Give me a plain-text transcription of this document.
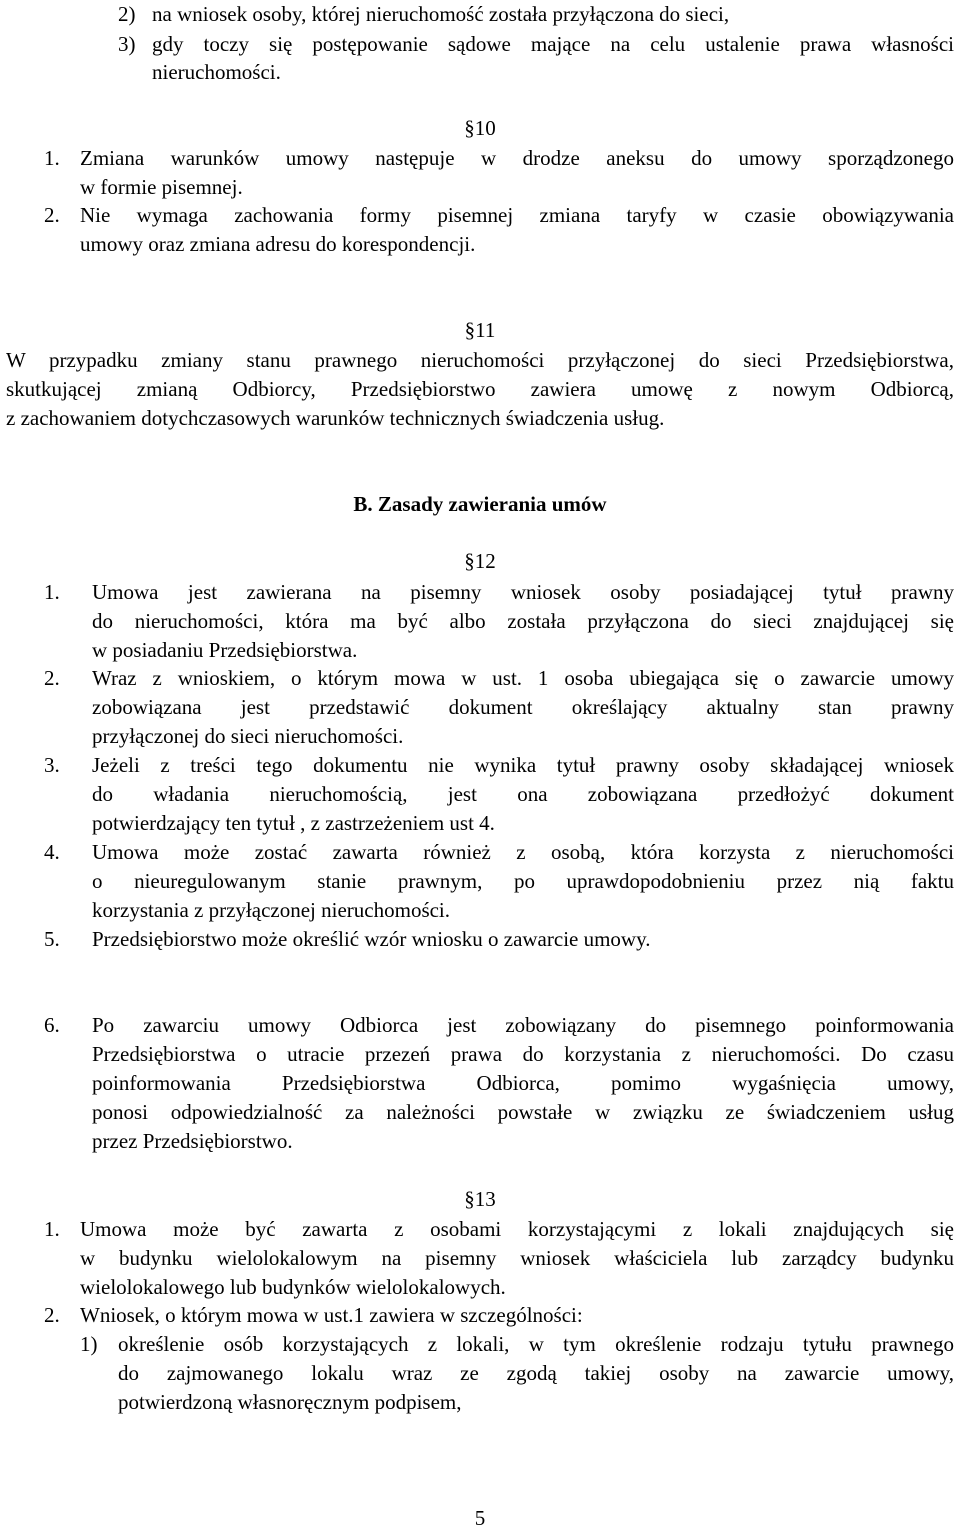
2) na wniosek osoby, której nieruchomość została przyłączona do sieci,
3) gdy toczy się postępowanie sądowe mające na celu ustalenie prawa własności
nieruchomości.
§10
1. Zmiana warunków umowy następuje w drodze aneksu do umowy sporządzonego
w formie pisemnej.
2. Nie wymaga zachowania formy pisemnej zmiana taryfy w czasie obowiązywania
umowy oraz zmiana adresu do korespondencji.
§11
W przypadku zmiany stanu prawnego nieruchomości przyłączonej do sieci Przedsiębiorstwa,
skutkującej zmianą Odbiorcy, Przedsiębiorstwo zawiera umowę z nowym Odbiorcą,
z zachowaniem dotychczasowych warunków technicznych świadczenia usług.
B. Zasady zawierania umów
§12
1. Umowa jest zawierana na pisemny wniosek osoby posiadającej tytuł prawny
do nieruchomości, która ma być albo została przyłączona do sieci znajdującej się
w posiadaniu Przedsiębiorstwa.
2. Wraz z wnioskiem, o którym mowa w ust. 1 osoba ubiegająca się o zawarcie umowy
zobowiązana jest przedstawić dokument określający aktualny stan prawny
przyłączonej do sieci nieruchomości.
3. Jeżeli z treści tego dokumentu nie wynika tytuł prawny osoby składającej wniosek
do władania nieruchomością, jest ona zobowiązana przedłożyć dokument
potwierdzający ten tytuł , z zastrzeżeniem ust 4.
4. Umowa może zostać zawarta również z osobą, która korzysta z nieruchomości
o nieuregulowanym stanie prawnym, po uprawdopodobnieniu przez nią faktu
korzystania z przyłączonej nieruchomości.
5. Przedsiębiorstwo może określić wzór wniosku o zawarcie umowy.
6. Po zawarciu umowy Odbiorca jest zobowiązany do pisemnego poinformowania
Przedsiębiorstwa o utracie przezeń prawa do korzystania z nieruchomości. Do czasu
poinformowania Przedsiębiorstwa Odbiorca, pomimo wygaśnięcia umowy,
ponosi odpowiedzialność za należności powstałe w związku ze świadczeniem usług
przez Przedsiębiorstwo.
§13
1. Umowa może być zawarta z osobami korzystającymi z lokali znajdujących się
w budynku wielolokalowym na pisemny wniosek właściciela lub zarządcy budynku
wielolokalowego lub budynków wielolokalowych.
2. Wniosek, o którym mowa w ust.1 zawiera w szczególności:
1) określenie osób korzystających z lokali, w tym określenie rodzaju tytułu prawnego
do zajmowanego lokalu wraz ze zgodą takiej osoby na zawarcie umowy,
potwierdzoną własnoręcznym podpisem,
5
